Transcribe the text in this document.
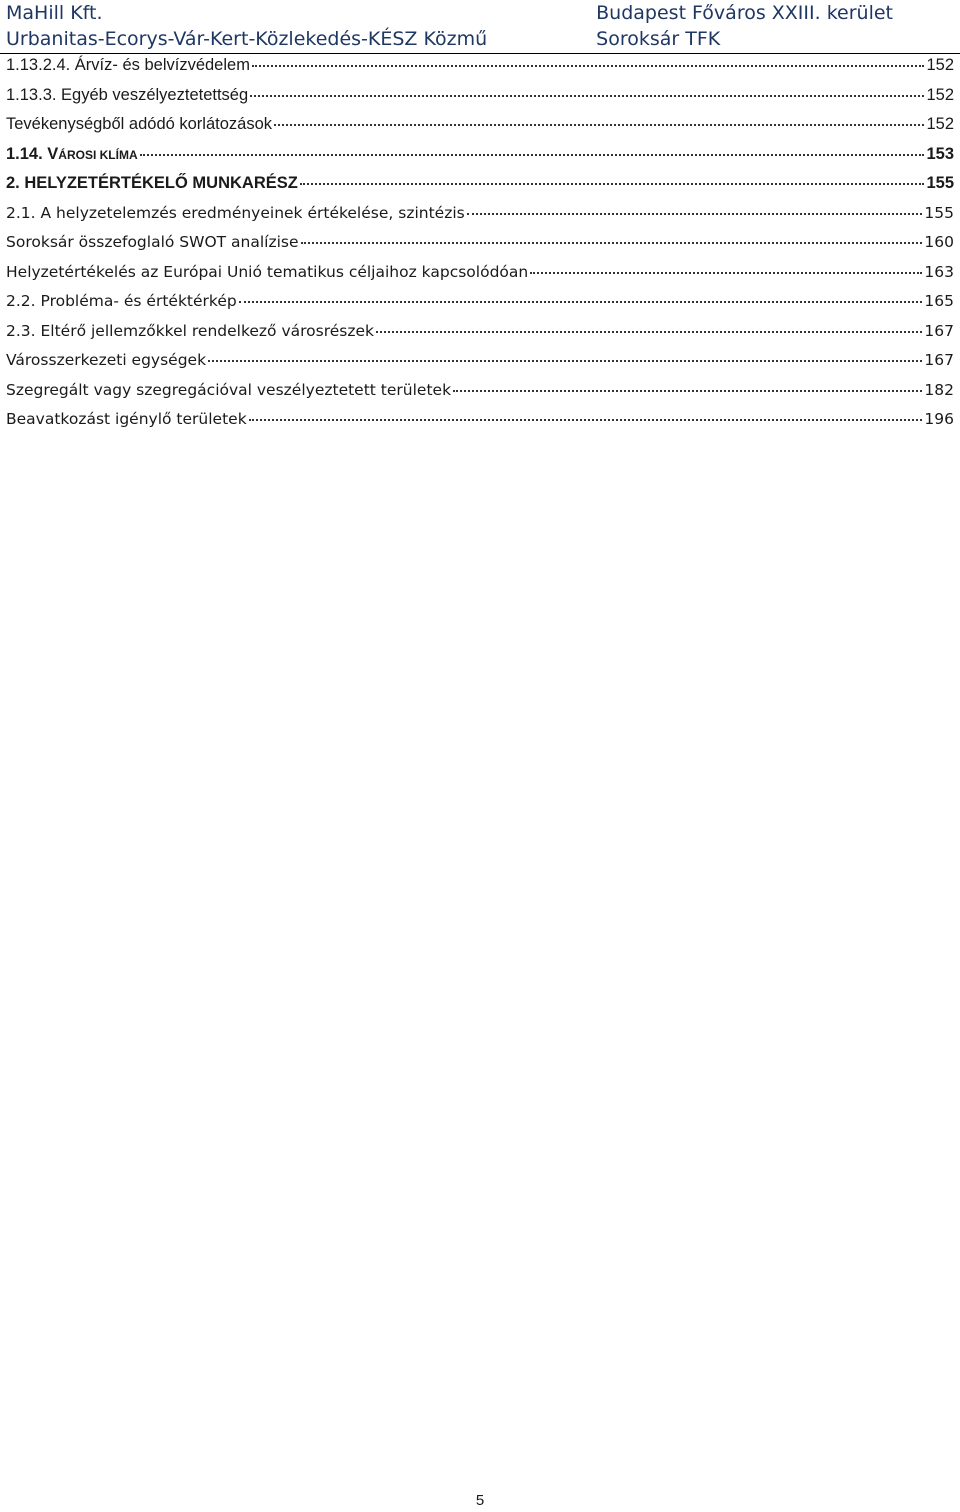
MaHill Kft.
Urbanitas-Ecorys-Vár-Kert-Közlekedés-KÉSZ Közmű
Budapest Főváros XXIII. kerület
Soroksár TFK
1.13.2.4. Árvíz- és belvízvédelem	152
1.13.3. Egyéb veszélyeztetettség	152
Tevékenységből adódó korlátozások	152
1.14. VÁROSI KLÍMA	153
2. HELYZETÉRTÉKELŐ MUNKARÉSZ	155
2.1. A helyzetelemzés eredményeinek értékelése, szintézis	155
Soroksár összefoglaló SWOT analízise	160
Helyzetértékelés az Európai Unió tematikus céljaihoz kapcsolódóan	163
2.2. Probléma- és értéktérkép	165
2.3. Eltérő jellemzőkkel rendelkező városrészek	167
Városszerkezeti egységek	167
Szegregált vagy szegregációval veszélyeztetett területek	182
Beavatkozást igénylő területek	196
5
